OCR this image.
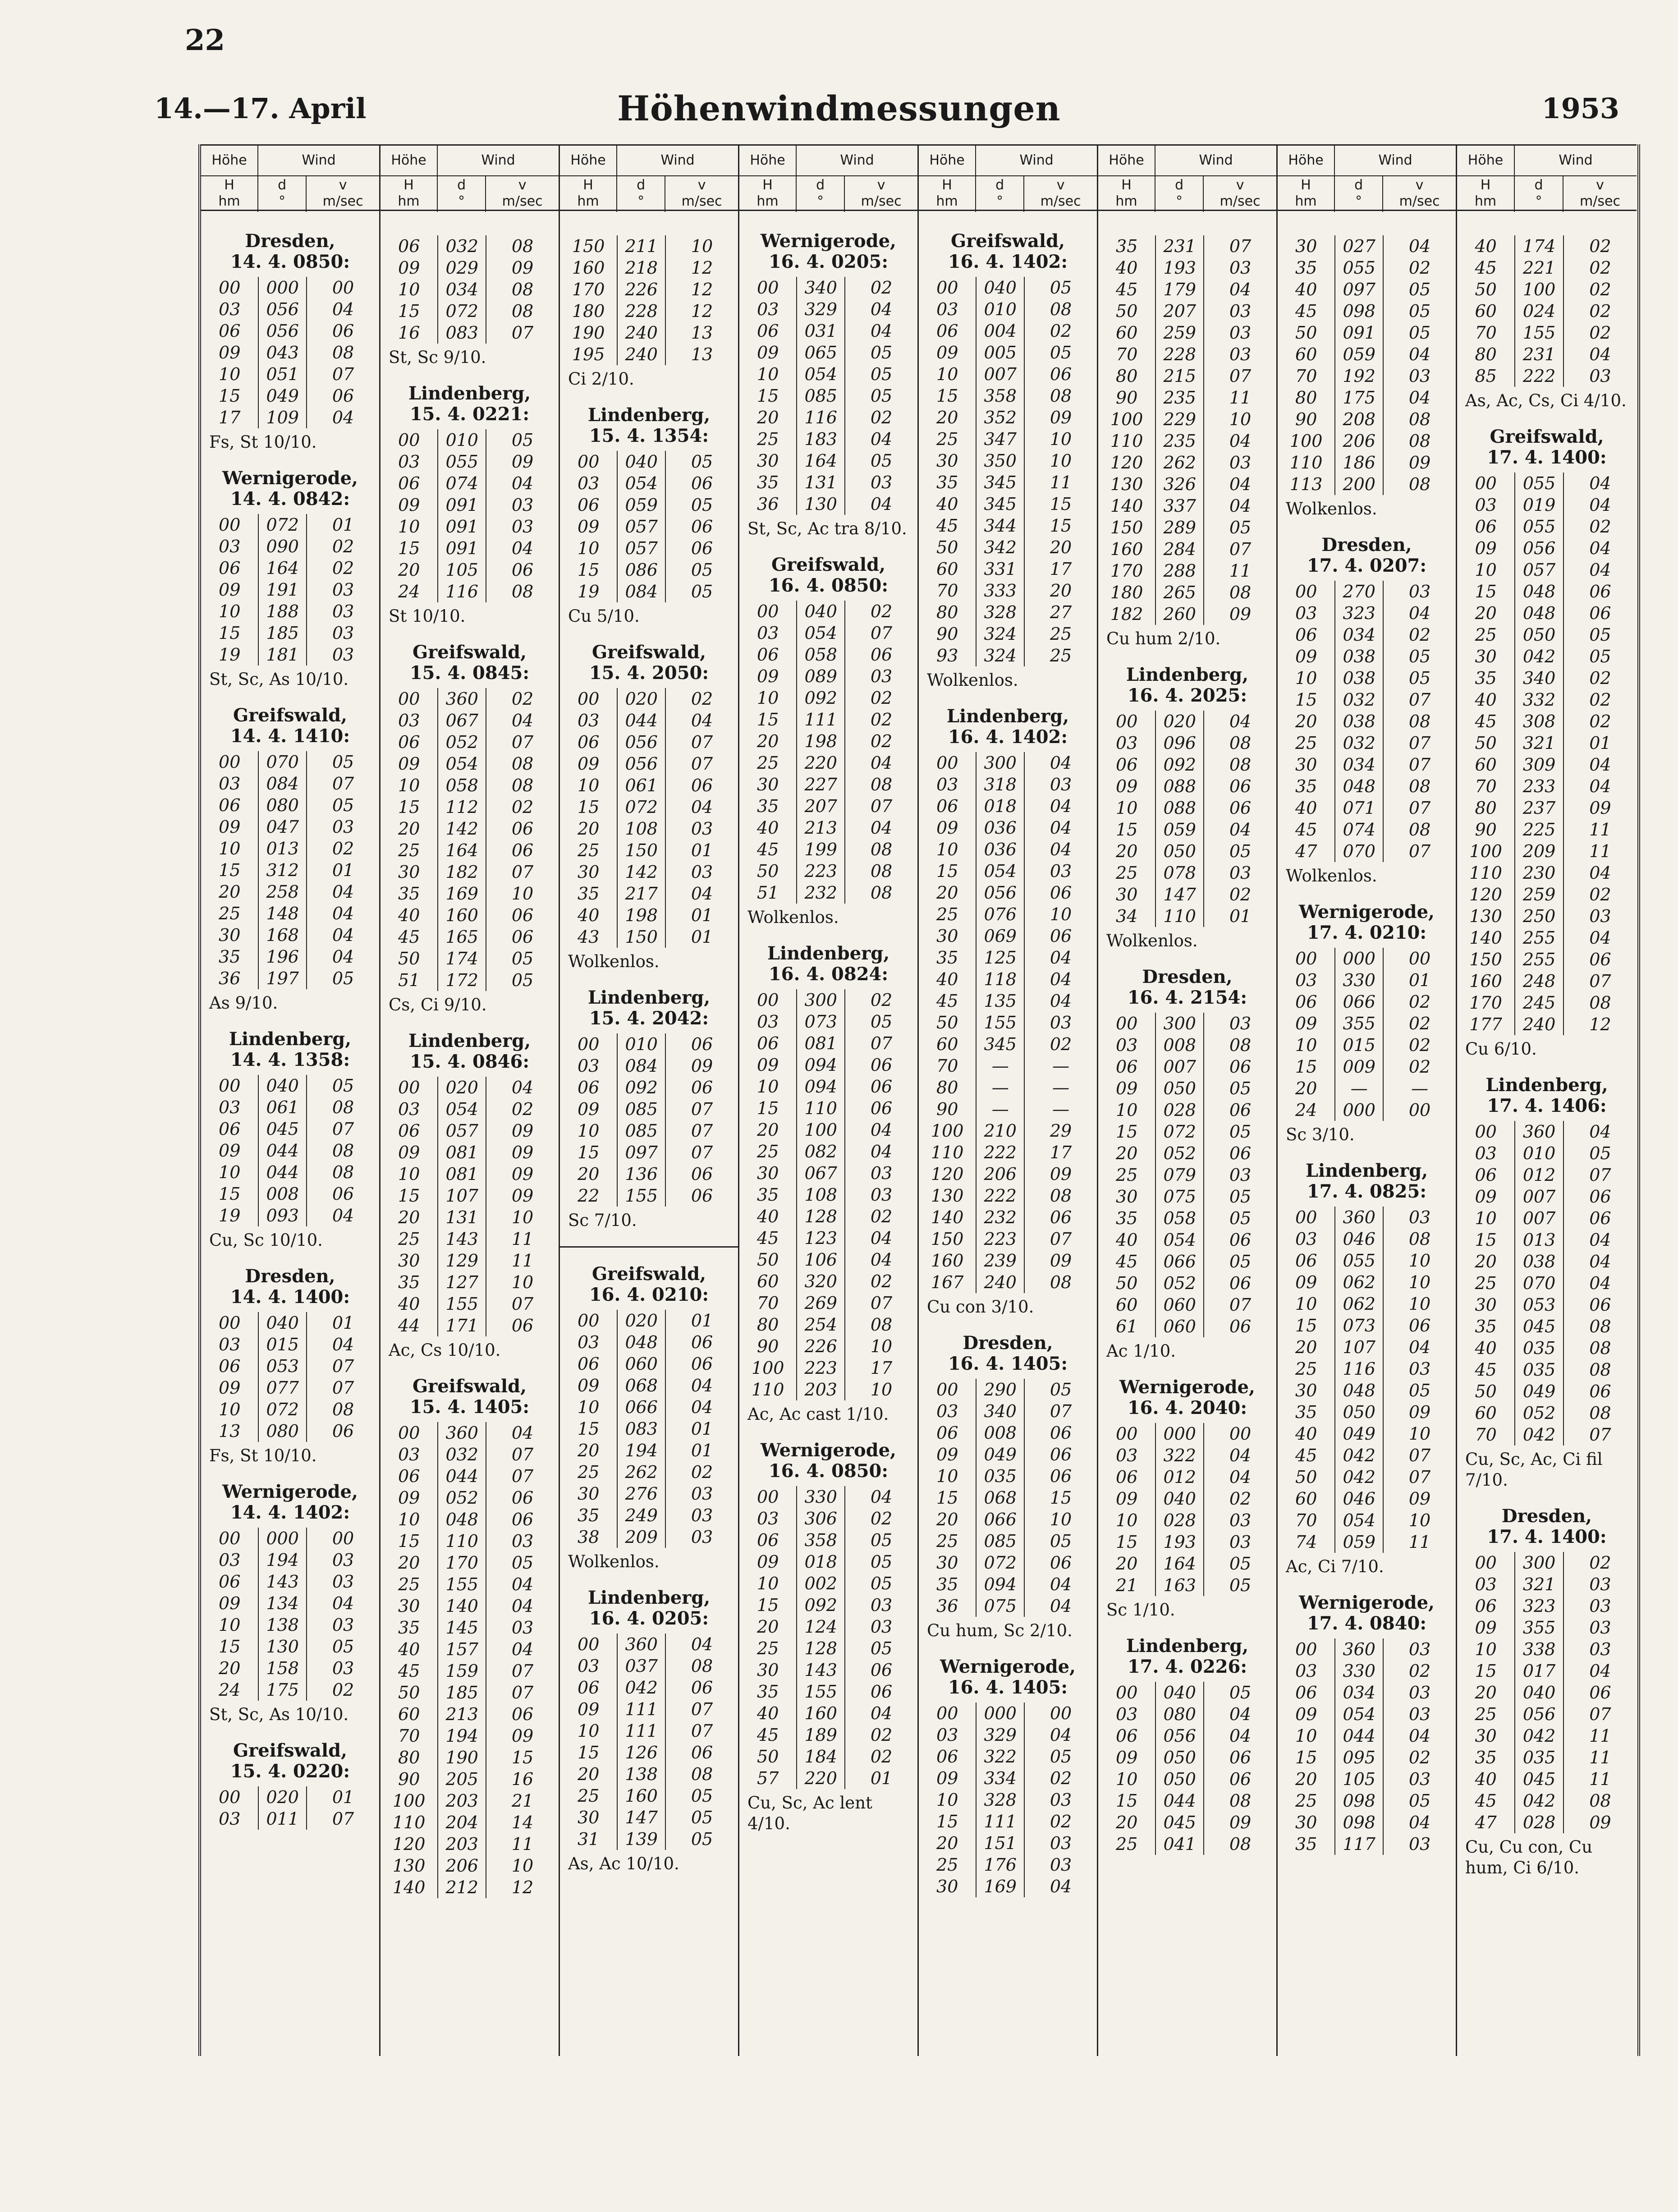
22
14.—17. April	Höhenwindmessungen	1953
Höhe	Wind
H
hm
d
°
v
m/sec
Dresden,
14. 4. 0850:
00	000	00
03	056	04
06	056	06
09	043	08
10	051	07
15	049	06
17	109	04
Fs, St 10/10.
Wernigerode,
14. 4. 0842:
00	072	01
03	090	02
06	164	02
09	191	03
10	188	03
15	185	03
19	181	03
St, Sc, As 10/10.
Greifswald,
14. 4. 1410:
00	070	05
03	084	07
06	080	05
09	047	03
10	013	02
15	312	01
20	258	04
25	148	04
30	168	04
35	196	04
36	197	05
As 9/10.
Lindenberg,
14. 4. 1358:
00	040	05
03	061	08
06	045	07
09	044	08
10	044	08
15	008	06
19	093	04
Cu, Sc 10/10.
Dresden,
14. 4. 1400:
00	040	01
03	015	04
06	053	07
09	077	07
10	072	08
13	080	06
Fs, St 10/10.
Wernigerode,
14. 4. 1402:
00	000	00
03	194	03
06	143	03
09	134	04
10	138	03
15	130	05
20	158	03
24	175	02
St, Sc, As 10/10.
Greifswald,
15. 4. 0220:
00	020	01
03	011	07
Höhe	Wind
H
hm
d
°
v
m/sec
06	032	08
09	029	09
10	034	08
15	072	08
16	083	07
St, Sc 9/10.
Lindenberg,
15. 4. 0221:
00	010	05
03	055	09
06	074	04
09	091	03
10	091	03
15	091	04
20	105	06
24	116	08
St 10/10.
Greifswald,
15. 4. 0845:
00	360	02
03	067	04
06	052	07
09	054	08
10	058	08
15	112	02
20	142	06
25	164	06
30	182	07
35	169	10
40	160	06
45	165	06
50	174	05
51	172	05
Cs, Ci 9/10.
Lindenberg,
15. 4. 0846:
00	020	04
03	054	02
06	057	09
09	081	09
10	081	09
15	107	09
20	131	10
25	143	11
30	129	11
35	127	10
40	155	07
44	171	06
Ac, Cs 10/10.
Greifswald,
15. 4. 1405:
00	360	04
03	032	07
06	044	07
09	052	06
10	048	06
15	110	03
20	170	05
25	155	04
30	140	04
35	145	03
40	157	04
45	159	07
50	185	07
60	213	06
70	194	09
80	190	15
90	205	16
100	203	21
110	204	14
120	203	11
130	206	10
140	212	12
Höhe	Wind
H
hm
d
°
v
m/sec
150	211	10
160	218	12
170	226	12
180	228	12
190	240	13
195	240	13
Ci 2/10.
Lindenberg,
15. 4. 1354:
00	040	05
03	054	06
06	059	05
09	057	06
10	057	06
15	086	05
19	084	05
Cu 5/10.
Greifswald,
15. 4. 2050:
00	020	02
03	044	04
06	056	07
09	056	07
10	061	06
15	072	04
20	108	03
25	150	01
30	142	03
35	217	04
40	198	01
43	150	01
Wolkenlos.
Lindenberg,
15. 4. 2042:
00	010	06
03	084	09
06	092	06
09	085	07
10	085	07
15	097	07
20	136	06
22	155	06
Sc 7/10.
Greifswald,
16. 4. 0210:
00	020	01
03	048	06
06	060	06
09	068	04
10	066	04
15	083	01
20	194	01
25	262	02
30	276	03
35	249	03
38	209	03
Wolkenlos.
Lindenberg,
16. 4. 0205:
00	360	04
03	037	08
06	042	06
09	111	07
10	111	07
15	126	06
20	138	08
25	160	05
30	147	05
31	139	05
As, Ac 10/10.
Höhe	Wind
H
hm
d
°
v
m/sec
Wernigerode,
16. 4. 0205:
00	340	02
03	329	04
06	031	04
09	065	05
10	054	05
15	085	05
20	116	02
25	183	04
30	164	05
35	131	03
36	130	04
St, Sc, Ac tra 8/10.
Greifswald,
16. 4. 0850:
00	040	02
03	054	07
06	058	06
09	089	03
10	092	02
15	111	02
20	198	02
25	220	04
30	227	08
35	207	07
40	213	04
45	199	08
50	223	08
51	232	08
Wolkenlos.
Lindenberg,
16. 4. 0824:
00	300	02
03	073	05
06	081	07
09	094	06
10	094	06
15	110	06
20	100	04
25	082	04
30	067	03
35	108	03
40	128	02
45	123	04
50	106	04
60	320	02
70	269	07
80	254	08
90	226	10
100	223	17
110	203	10
Ac, Ac cast 1/10.
Wernigerode,
16. 4. 0850:
00	330	04
03	306	02
06	358	05
09	018	05
10	002	05
15	092	03
20	124	03
25	128	05
30	143	06
35	155	06
40	160	04
45	189	02
50	184	02
57	220	01
Cu, Sc, Ac lent 4/10.
Höhe	Wind
H
hm
d
°
v
m/sec
Greifswald,
16. 4. 1402:
00	040	05
03	010	08
06	004	02
09	005	05
10	007	06
15	358	08
20	352	09
25	347	10
30	350	10
35	345	11
40	345	15
45	344	15
50	342	20
60	331	17
70	333	20
80	328	27
90	324	25
93	324	25
Wolkenlos.
Lindenberg,
16. 4. 1402:
00	300	04
03	318	03
06	018	04
09	036	04
10	036	04
15	054	03
20	056	06
25	076	10
30	069	06
35	125	04
40	118	04
45	135	04
50	155	03
60	345	02
70	—	—
80	—	—
90	—	—
100	210	29
110	222	17
120	206	09
130	222	08
140	232	06
150	223	07
160	239	09
167	240	08
Cu con 3/10.
Dresden,
16. 4. 1405:
00	290	05
03	340	07
06	008	06
09	049	06
10	035	06
15	068	15
20	066	10
25	085	05
30	072	06
35	094	04
36	075	04
Cu hum, Sc 2/10.
Wernigerode,
16. 4. 1405:
00	000	00
03	329	04
06	322	05
09	334	02
10	328	03
15	111	02
20	151	03
25	176	03
30	169	04
Höhe	Wind
H
hm
d
°
v
m/sec
35	231	07
40	193	03
45	179	04
50	207	03
60	259	03
70	228	03
80	215	07
90	235	11
100	229	10
110	235	04
120	262	03
130	326	04
140	337	04
150	289	05
160	284	07
170	288	11
180	265	08
182	260	09
Cu hum 2/10.
Lindenberg,
16. 4. 2025:
00	020	04
03	096	08
06	092	08
09	088	06
10	088	06
15	059	04
20	050	05
25	078	03
30	147	02
34	110	01
Wolkenlos.
Dresden,
16. 4. 2154:
00	300	03
03	008	08
06	007	06
09	050	05
10	028	06
15	072	05
20	052	06
25	079	03
30	075	05
35	058	05
40	054	06
45	066	05
50	052	06
60	060	07
61	060	06
Ac 1/10.
Wernigerode,
16. 4. 2040:
00	000	00
03	322	04
06	012	04
09	040	02
10	028	03
15	193	03
20	164	05
21	163	05
Sc 1/10.
Lindenberg,
17. 4. 0226:
00	040	05
03	080	04
06	056	04
09	050	06
10	050	06
15	044	08
20	045	09
25	041	08
Höhe	Wind
H
hm
d
°
v
m/sec
30	027	04
35	055	02
40	097	05
45	098	05
50	091	05
60	059	04
70	192	03
80	175	04
90	208	08
100	206	08
110	186	09
113	200	08
Wolkenlos.
Dresden,
17. 4. 0207:
00	270	03
03	323	04
06	034	02
09	038	05
10	038	05
15	032	07
20	038	08
25	032	07
30	034	07
35	048	08
40	071	07
45	074	08
47	070	07
Wolkenlos.
Wernigerode,
17. 4. 0210:
00	000	00
03	330	01
06	066	02
09	355	02
10	015	02
15	009	02
20	—	—
24	000	00
Sc 3/10.
Lindenberg,
17. 4. 0825:
00	360	03
03	046	08
06	055	10
09	062	10
10	062	10
15	073	06
20	107	04
25	116	03
30	048	05
35	050	09
40	049	10
45	042	07
50	042	07
60	046	09
70	054	10
74	059	11
Ac, Ci 7/10.
Wernigerode,
17. 4. 0840:
00	360	03
03	330	02
06	034	03
09	054	03
10	044	04
15	095	02
20	105	03
25	098	05
30	098	04
35	117	03
Höhe	Wind
H
hm
d
°
v
m/sec
40	174	02
45	221	02
50	100	02
60	024	02
70	155	02
80	231	04
85	222	03
As, Ac, Cs, Ci 4/10.
Greifswald,
17. 4. 1400:
00	055	04
03	019	04
06	055	02
09	056	04
10	057	04
15	048	06
20	048	06
25	050	05
30	042	05
35	340	02
40	332	02
45	308	02
50	321	01
60	309	04
70	233	04
80	237	09
90	225	11
100	209	11
110	230	04
120	259	02
130	250	03
140	255	04
150	255	06
160	248	07
170	245	08
177	240	12
Cu 6/10.
Lindenberg,
17. 4. 1406:
00	360	04
03	010	05
06	012	07
09	007	06
10	007	06
15	013	04
20	038	04
25	070	04
30	053	06
35	045	08
40	035	08
45	035	08
50	049	06
60	052	08
70	042	07
Cu, Sc, Ac, Ci fil 7/10.
Dresden,
17. 4. 1400:
00	300	02
03	321	03
06	323	03
09	355	03
10	338	03
15	017	04
20	040	06
25	056	07
30	042	11
35	035	11
40	045	11
45	042	08
47	028	09
Cu, Cu con, Cu hum, Ci 6/10.
